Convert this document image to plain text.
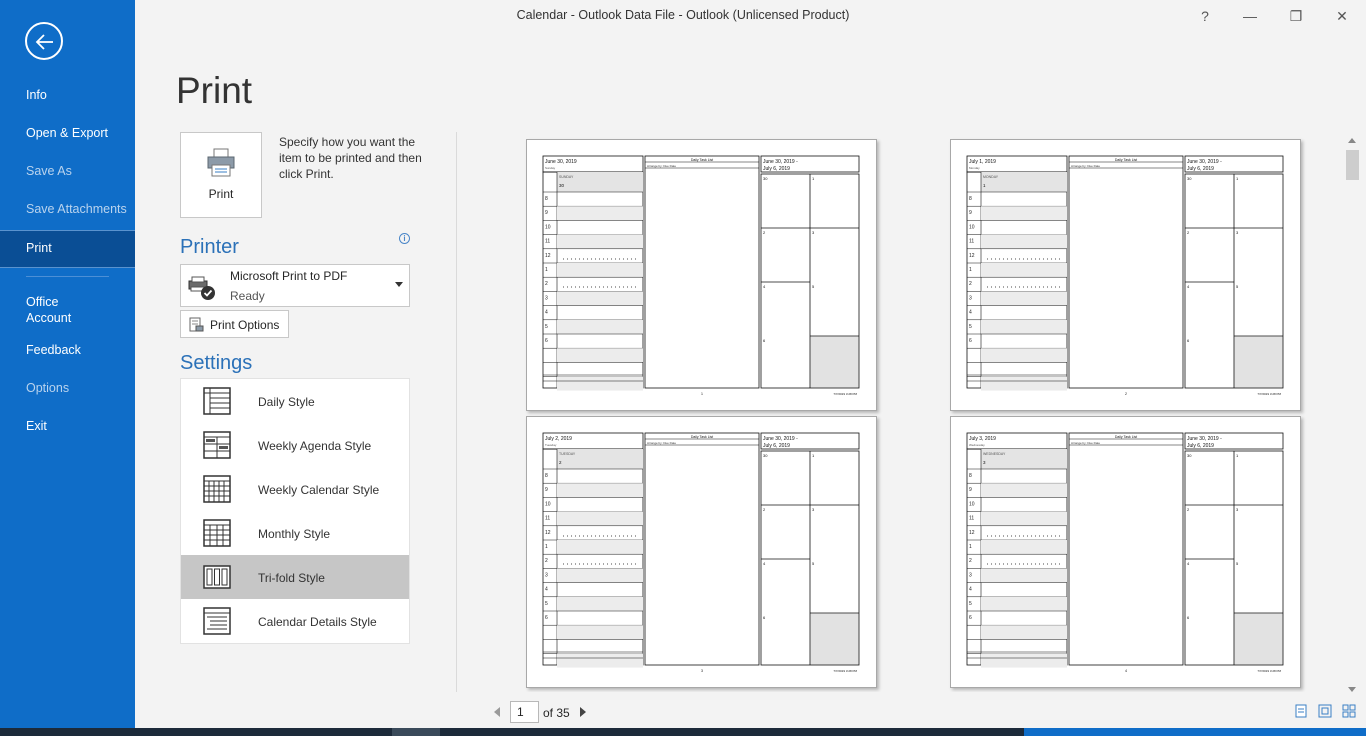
Info
Open & Export
Save As
Save Attachments
Print
Office Account
Feedback
Options
Exit
Calendar - Outlook Data File - Outlook (Unlicensed Product)	?	—	❐	✕
Print
Print
Specify how you want the item to be printed and then click Print.
Printer	i
Microsoft Print to PDF
Ready
Print Options
Settings
Daily Style
Weekly Agenda Style
Weekly Calendar Style
Monthly Style
Tri-fold Style
Calendar Details Style
8
9
10
11
12
1
2
3
4
5
6
June 30, 2019
Sunday
SUNDAY
30
Daily Task List
Arrange by: Due Date
June 30, 2019 -
July 6, 2019
30	1
2	3
4	5
6
1	7/7/2019 3:28 PM
8
9
10
11
12
1
2
3
4
5
6
July 1, 2019
Monday
MONDAY
1
Daily Task List
Arrange by: Due Date
June 30, 2019 -
July 6, 2019
30	1
2	3
4	5
6
2	7/7/2019 3:28 PM
8
9
10
11
12
1
2
3
4
5
6
July 2, 2019
Tuesday
TUESDAY
2
Daily Task List
Arrange by: Due Date
June 30, 2019 -
July 6, 2019
30	1
2	3
4	5
6
3	7/7/2019 3:28 PM
8
9
10
11
12
1
2
3
4
5
6
July 3, 2019
Wednesday
WEDNESDAY
3
Daily Task List
Arrange by: Due Date
June 30, 2019 -
July 6, 2019
30	1
2	3
4	5
6
4	7/7/2019 3:28 PM
1	of 35
